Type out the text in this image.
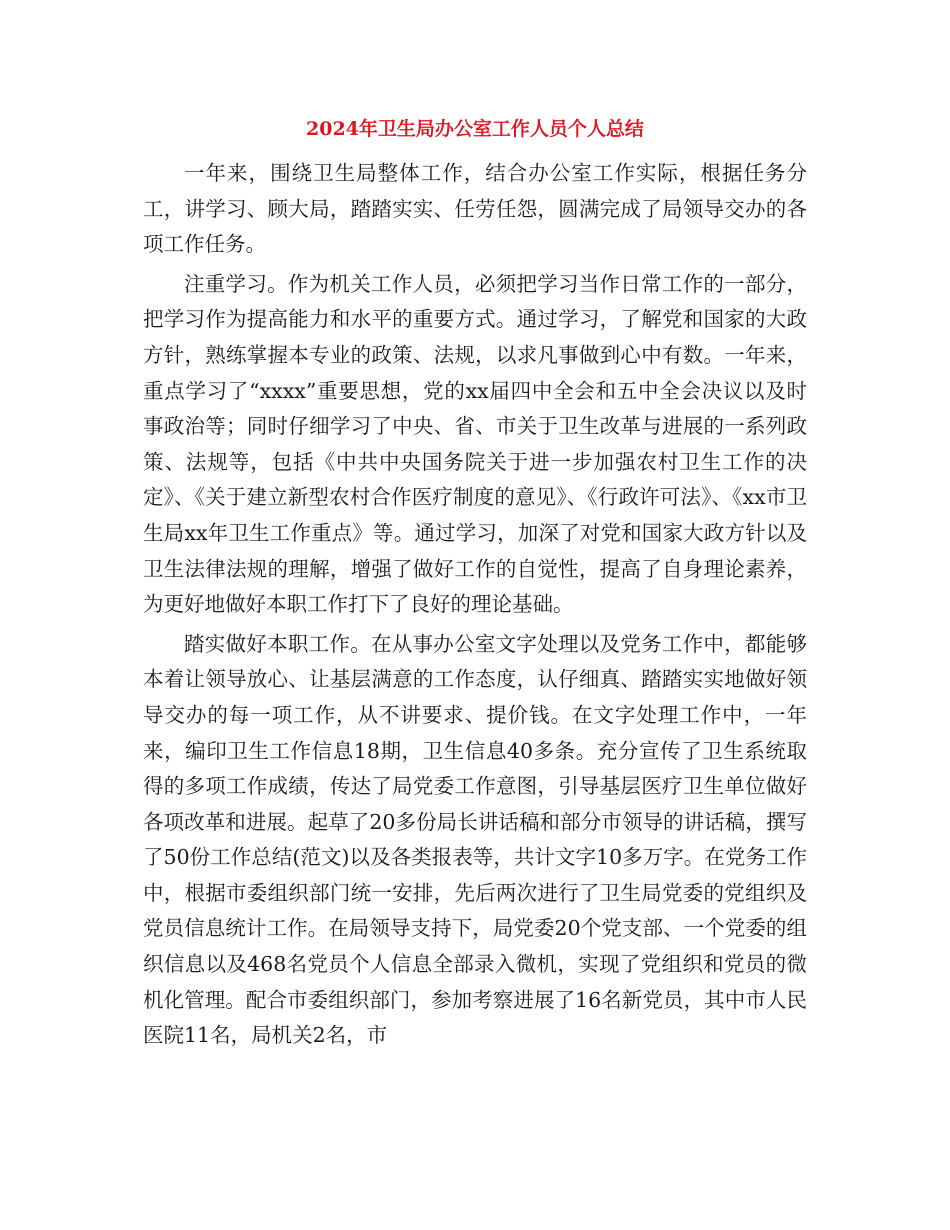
2024年卫生局办公室工作人员个人总结

一年来，围绕卫生局整体工作，结合办公室工作实际，根据任务分工，讲学习、顾大局，踏踏实实、任劳任怨，圆满完成了局领导交办的各项工作任务。

注重学习。作为机关工作人员，必须把学习当作日常工作的一部分，把学习作为提高能力和水平的重要方式。通过学习，了解党和国家的大政方针，熟练掌握本专业的政策、法规，以求凡事做到心中有数。一年来，重点学习了“xxxx”重要思想，党的xx届四中全会和五中全会决议以及时事政治等；同时仔细学习了中央、省、市关于卫生改革与进展的一系列政策、法规等，包括《中共中央国务院关于进一步加强农村卫生工作的决定》、《关于建立新型农村合作医疗制度的意见》、《行政许可法》、《xx市卫生局xx年卫生工作重点》等。通过学习，加深了对党和国家大政方针以及卫生法律法规的理解，增强了做好工作的自觉性，提高了自身理论素养，为更好地做好本职工作打下了良好的理论基础。

踏实做好本职工作。在从事办公室文字处理以及党务工作中，都能够本着让领导放心、让基层满意的工作态度，认仔细真、踏踏实实地做好领导交办的每一项工作，从不讲要求、提价钱。在文字处理工作中，一年来，编印卫生工作信息18期，卫生信息40多条。充分宣传了卫生系统取得的多项工作成绩，传达了局党委工作意图，引导基层医疗卫生单位做好各项改革和进展。起草了20多份局长讲话稿和部分市领导的讲话稿，撰写了50份工作总结(范文)以及各类报表等，共计文字10多万字。在党务工作中，根据市委组织部门统一安排，先后两次进行了卫生局党委的党组织及党员信息统计工作。在局领导支持下，局党委20个党支部、一个党委的组织信息以及468名党员个人信息全部录入微机，实现了党组织和党员的微机化管理。配合市委组织部门，参加考察进展了16名新党员，其中市人民医院11名，局机关2名，市
